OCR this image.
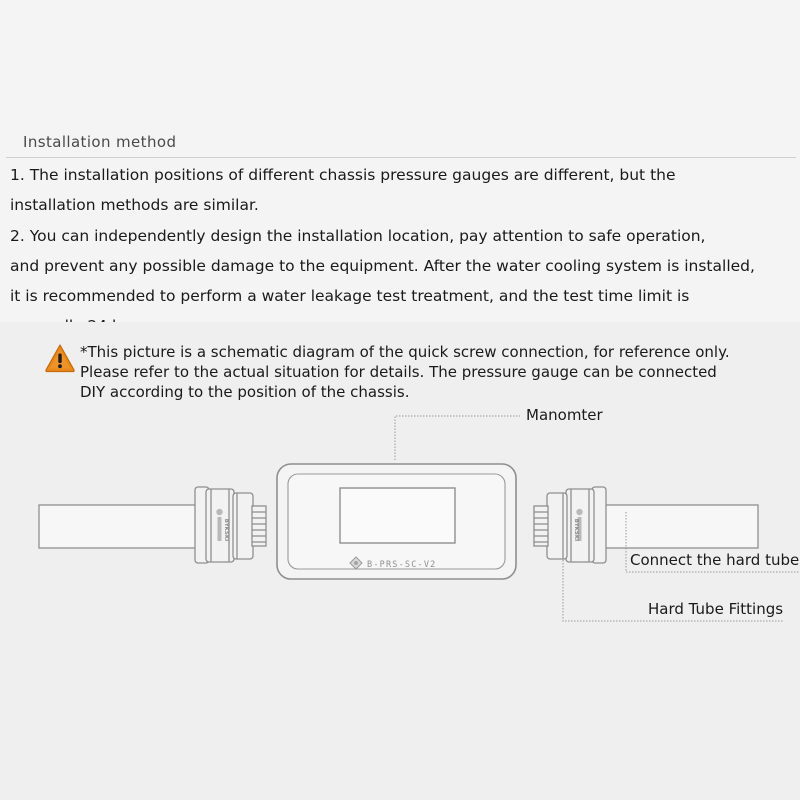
Installation method
1. The installation positions of different chassis pressure gauges are different, but the
installation methods are similar.
2. You can independently design the installation location, pay attention to safe operation,
and prevent any possible damage to the equipment. After the water cooling system is installed,
it is recommended to perform a water leakage test treatment, and the test time limit is
*This picture is a schematic diagram of the quick screw connection, for reference only.
Please refer to the actual situation for details. The pressure gauge can be connected
DIY according to the position of the chassis.
BYKSKI	BYKSKI
B-PRS-SC-V2
Manomter
Connect the hard tube
Hard Tube Fittings
